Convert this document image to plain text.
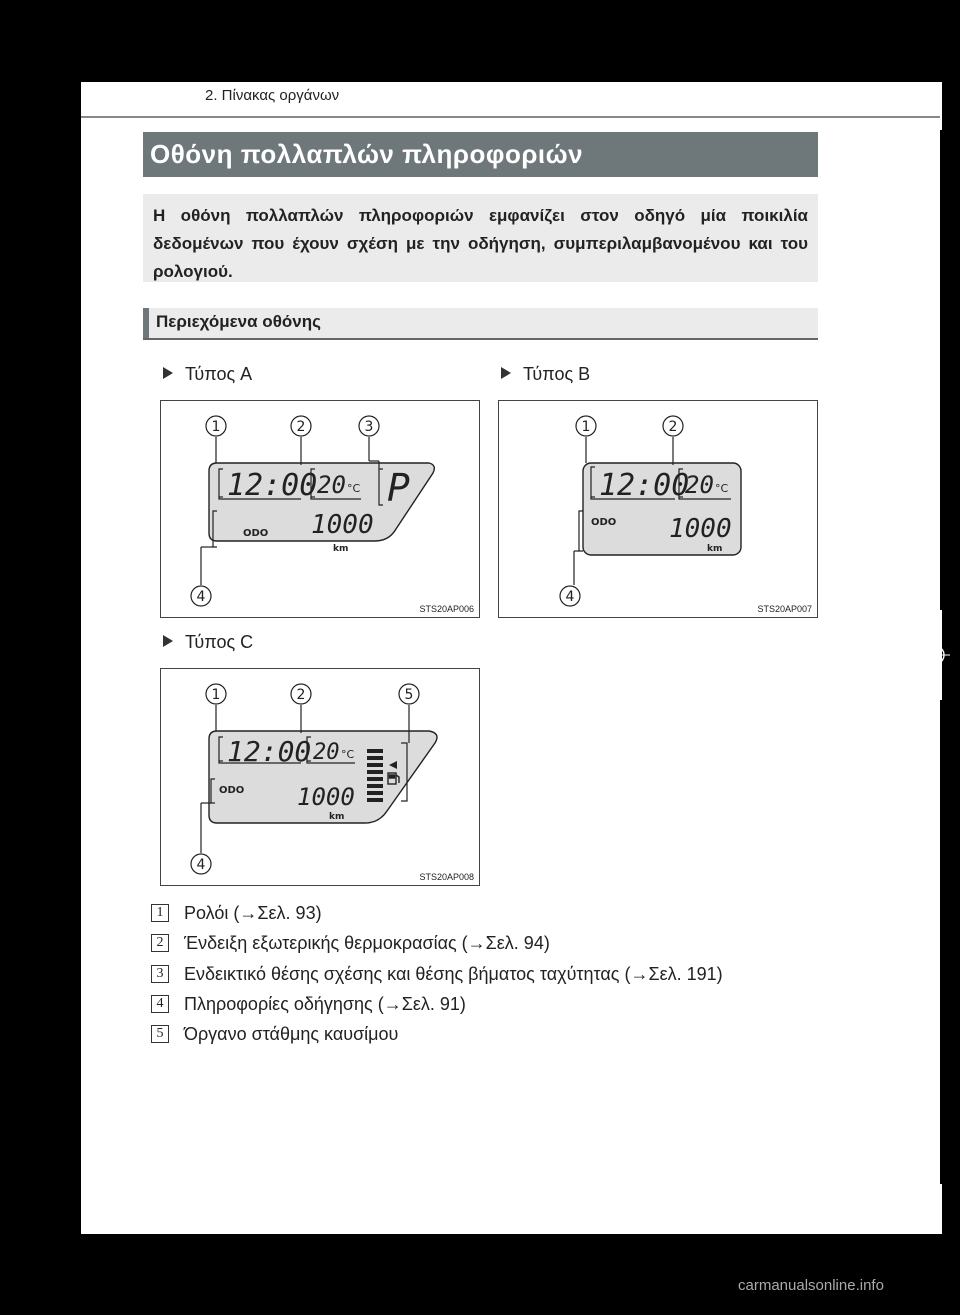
2. Πίνακας οργάνων
Οθόνη πολλαπλών πληροφοριών

Η οθόνη πολλαπλών πληροφοριών εμφανίζει στον οδηγό μία ποικιλία δεδομένων που έχουν σχέση με την οδήγηση, συμπεριλαμβανομένου και του ρολογιού.

Περιεχόμενα οθόνης
Τύπος A
12:00 20 °C P
ODO 1000
km
1	2	3
4
STS20AP006
Τύπος B
12:00
20 °C
ODO 1000
km
1	2
4
STS20AP007
Τύπος C
12:00 20 °C
ODO 1000
km
1	2	5
4
STS20AP008
1	Ρολόι (→Σελ. 93)
2	Ένδειξη εξωτερικής θερμοκρασίας (→Σελ. 94)
3	Ενδεικτικό θέσης σχέσης και θέσης βήματος ταχύτητας (→Σελ. 191)
4	Πληροφορίες οδήγησης (→Σελ. 91)
5	Όργανο στάθμης καυσίμου
carmanualsonline.info
